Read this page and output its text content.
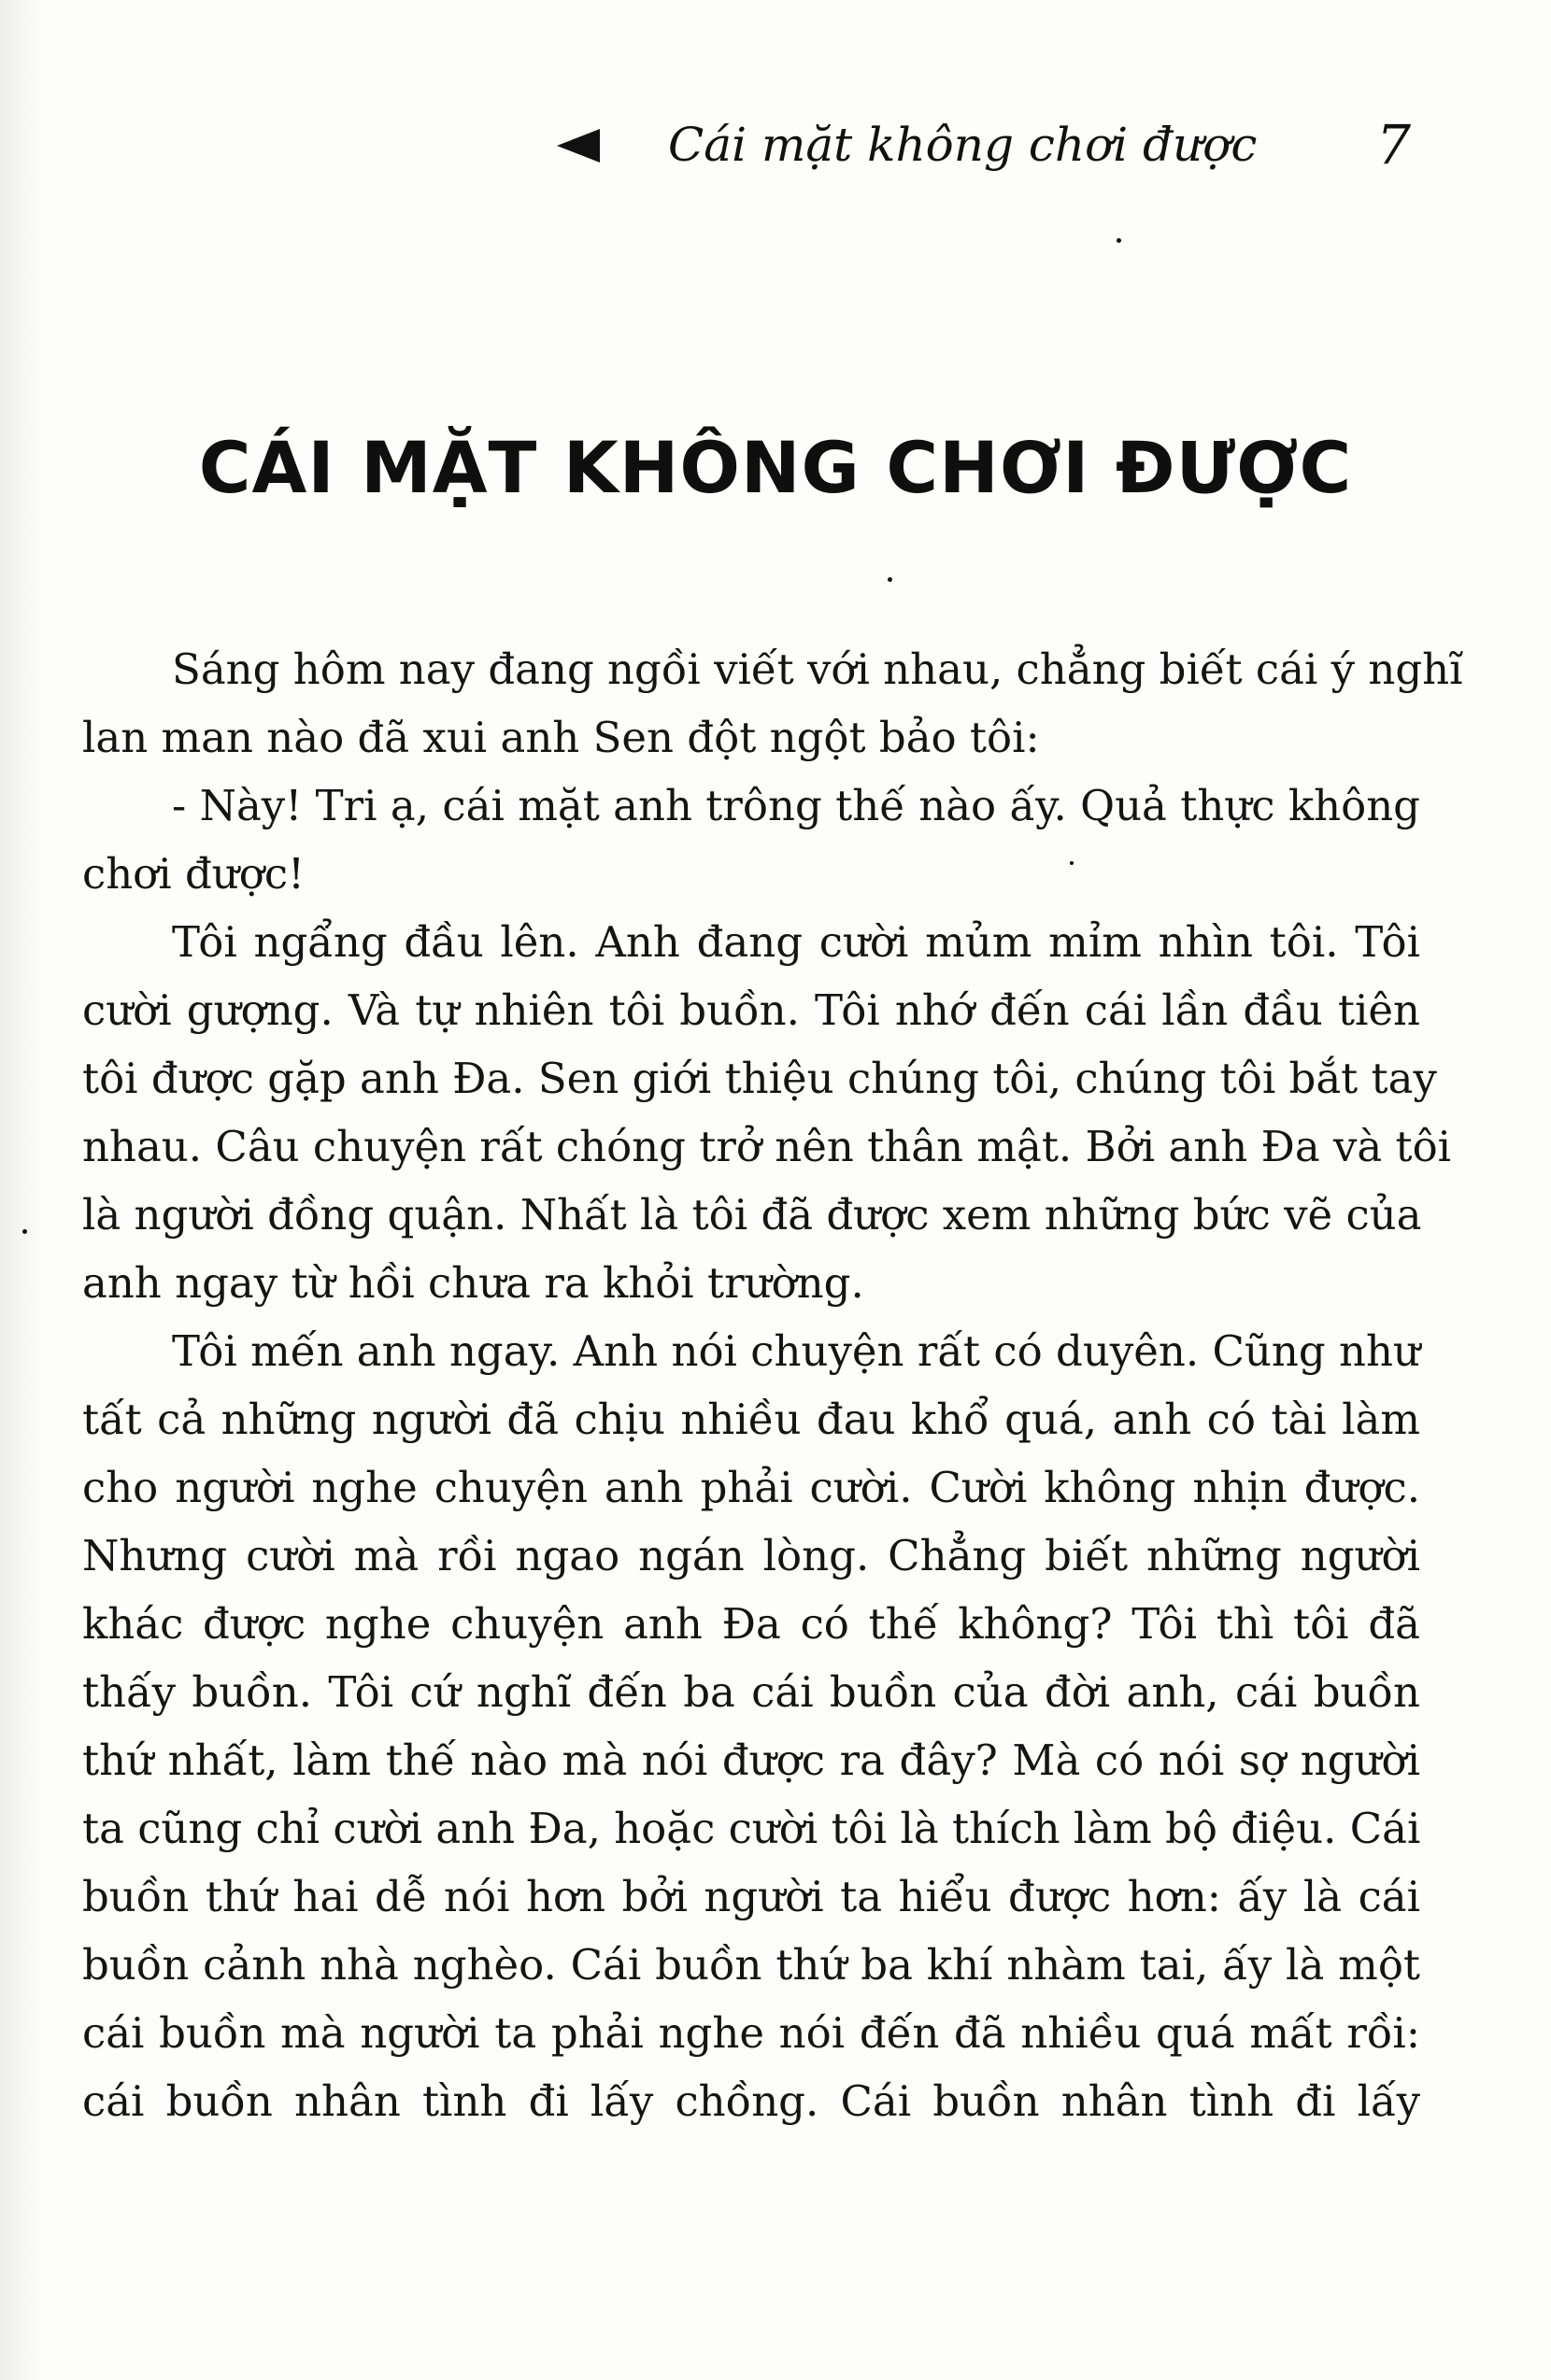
Cái mặt không chơi được 7
CÁI MẶT KHÔNG CHƠI ĐƯỢC
Sáng hôm nay đang ngồi viết với nhau, chẳng biết cái ý nghĩ
lan man nào đã xui anh Sen đột ngột bảo tôi:
- Này! Tri ạ, cái mặt anh trông thế nào ấy. Quả thực không
chơi được!
Tôi ngẩng đầu lên. Anh đang cười mủm mỉm nhìn tôi. Tôi
cười gượng. Và tự nhiên tôi buồn. Tôi nhớ đến cái lần đầu tiên
tôi được gặp anh Đa. Sen giới thiệu chúng tôi, chúng tôi bắt tay
nhau. Câu chuyện rất chóng trở nên thân mật. Bởi anh Đa và tôi
là người đồng quận. Nhất là tôi đã được xem những bức vẽ của
anh ngay từ hồi chưa ra khỏi trường.
Tôi mến anh ngay. Anh nói chuyện rất có duyên. Cũng như
tất cả những người đã chịu nhiều đau khổ quá, anh có tài làm
cho người nghe chuyện anh phải cười. Cười không nhịn được.
Nhưng cười mà rồi ngao ngán lòng. Chẳng biết những người
khác được nghe chuyện anh Đa có thế không? Tôi thì tôi đã
thấy buồn. Tôi cứ nghĩ đến ba cái buồn của đời anh, cái buồn
thứ nhất, làm thế nào mà nói được ra đây? Mà có nói sợ người
ta cũng chỉ cười anh Đa, hoặc cười tôi là thích làm bộ điệu. Cái
buồn thứ hai dễ nói hơn bởi người ta hiểu được hơn: ấy là cái
buồn cảnh nhà nghèo. Cái buồn thứ ba khí nhàm tai, ấy là một
cái buồn mà người ta phải nghe nói đến đã nhiều quá mất rồi:
cái buồn nhân tình đi lấy chồng. Cái buồn nhân tình đi lấy
